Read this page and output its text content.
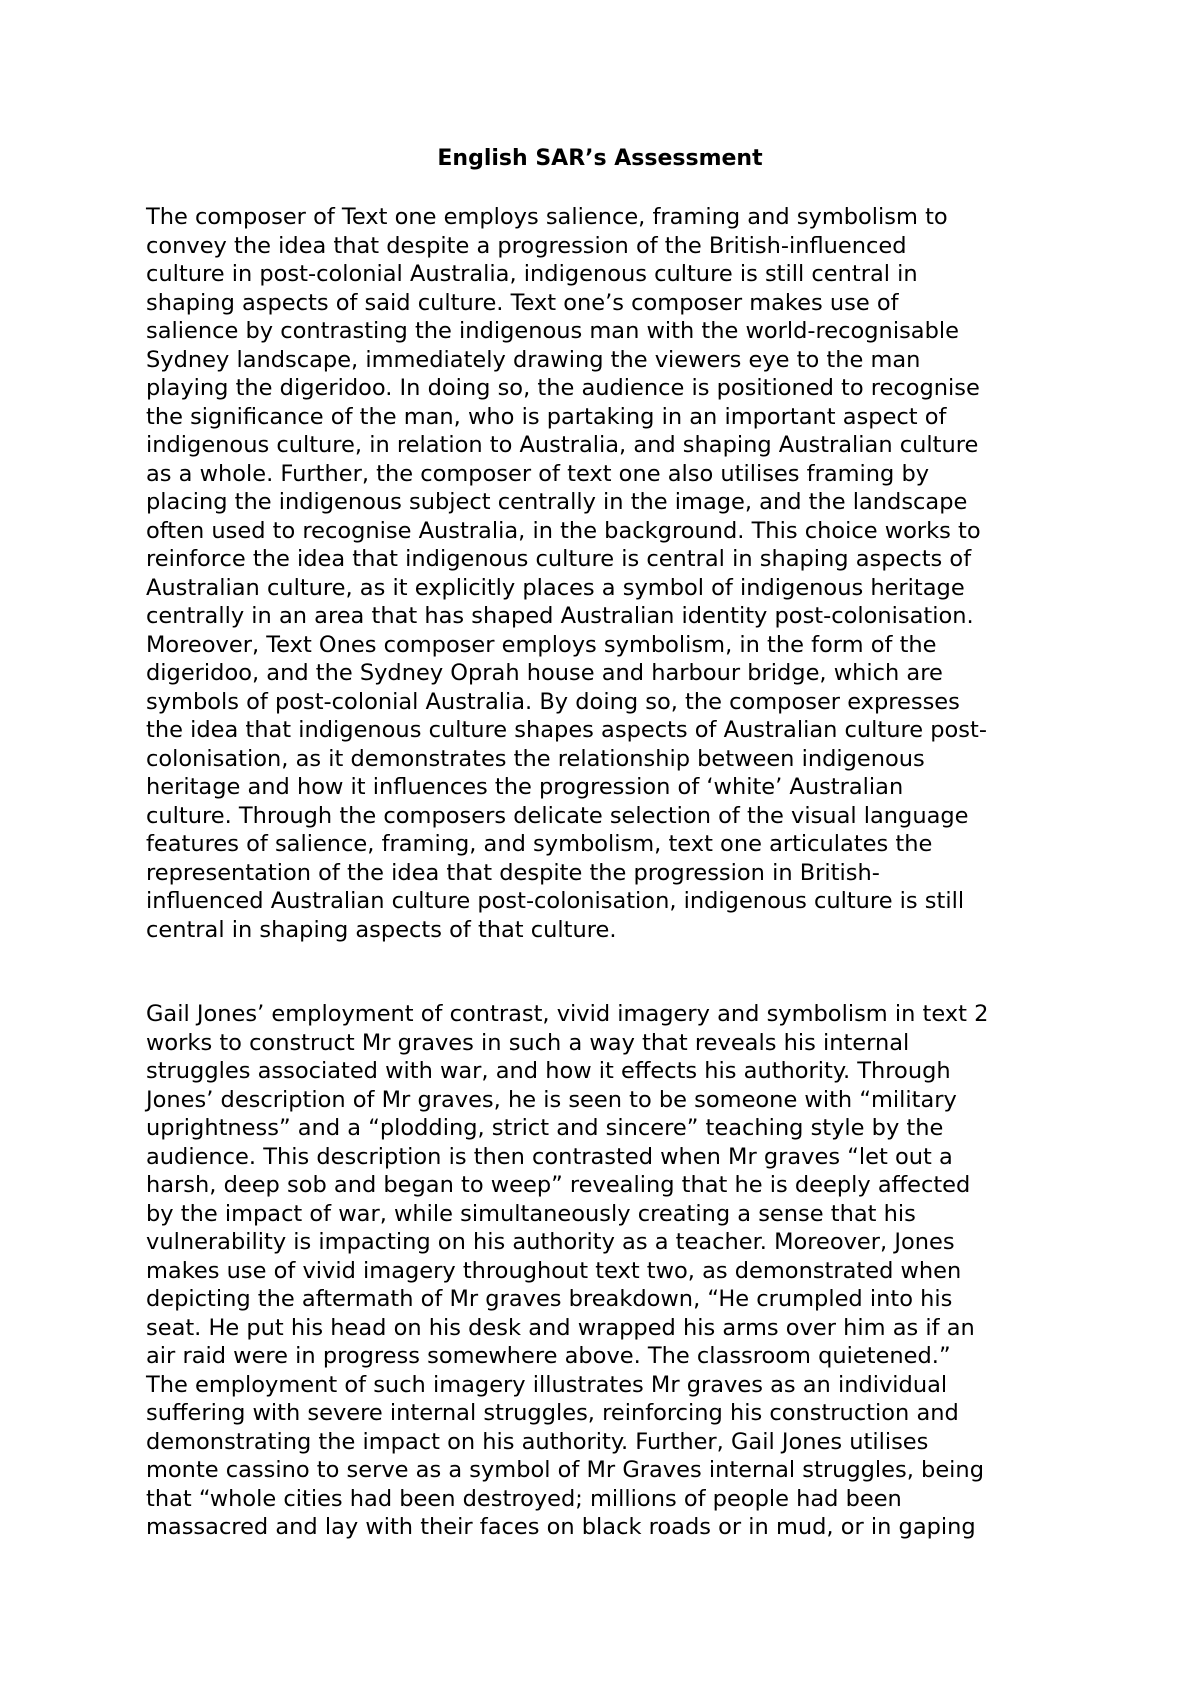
English SAR’s Assessment
The composer of Text one employs salience, framing and symbolism to
convey the idea that despite a progression of the British-influenced
culture in post-colonial Australia, indigenous culture is still central in
shaping aspects of said culture. Text one’s composer makes use of
salience by contrasting the indigenous man with the world-recognisable
Sydney landscape, immediately drawing the viewers eye to the man
playing the digeridoo. In doing so, the audience is positioned to recognise
the significance of the man, who is partaking in an important aspect of
indigenous culture, in relation to Australia, and shaping Australian culture
as a whole. Further, the composer of text one also utilises framing by
placing the indigenous subject centrally in the image, and the landscape
often used to recognise Australia, in the background. This choice works to
reinforce the idea that indigenous culture is central in shaping aspects of
Australian culture, as it explicitly places a symbol of indigenous heritage
centrally in an area that has shaped Australian identity post-colonisation.
Moreover, Text Ones composer employs symbolism, in the form of the
digeridoo, and the Sydney Oprah house and harbour bridge, which are
symbols of post-colonial Australia. By doing so, the composer expresses
the idea that indigenous culture shapes aspects of Australian culture post-
colonisation, as it demonstrates the relationship between indigenous
heritage and how it influences the progression of ‘white’ Australian
culture. Through the composers delicate selection of the visual language
features of salience, framing, and symbolism, text one articulates the
representation of the idea that despite the progression in British-
influenced Australian culture post-colonisation, indigenous culture is still
central in shaping aspects of that culture.
Gail Jones’ employment of contrast, vivid imagery and symbolism in text 2
works to construct Mr graves in such a way that reveals his internal
struggles associated with war, and how it effects his authority. Through
Jones’ description of Mr graves, he is seen to be someone with “military
uprightness” and a “plodding, strict and sincere” teaching style by the
audience. This description is then contrasted when Mr graves “let out a
harsh, deep sob and began to weep” revealing that he is deeply affected
by the impact of war, while simultaneously creating a sense that his
vulnerability is impacting on his authority as a teacher. Moreover, Jones
makes use of vivid imagery throughout text two, as demonstrated when
depicting the aftermath of Mr graves breakdown, “He crumpled into his
seat. He put his head on his desk and wrapped his arms over him as if an
air raid were in progress somewhere above. The classroom quietened.”
The employment of such imagery illustrates Mr graves as an individual
suffering with severe internal struggles, reinforcing his construction and
demonstrating the impact on his authority. Further, Gail Jones utilises
monte cassino to serve as a symbol of Mr Graves internal struggles, being
that “whole cities had been destroyed; millions of people had been
massacred and lay with their faces on black roads or in mud, or in gaping
